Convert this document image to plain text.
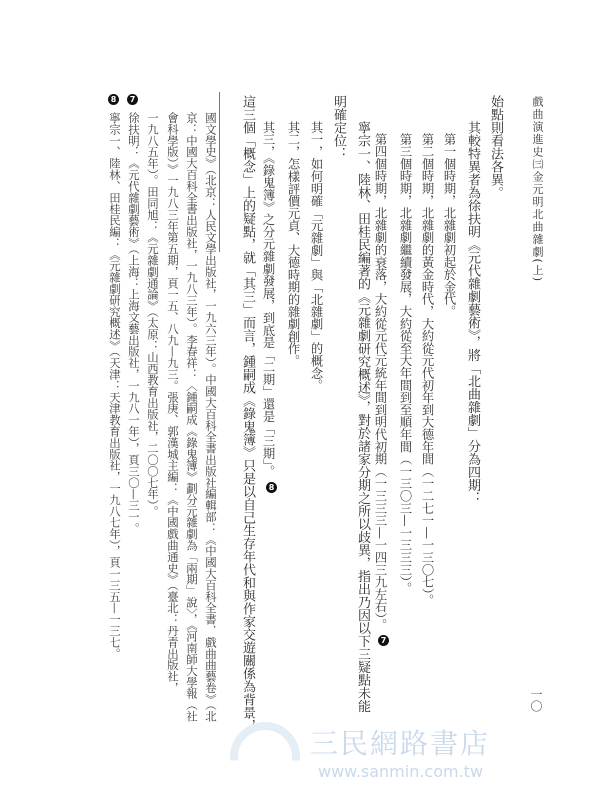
戲曲演進史㈢金元明北曲雜劇(上)
一〇
三民網路書店
www.sanmin.com.tw
始點則看法各異。
其較特異者為徐扶明《元代雜劇藝術》，將「北曲雜劇」分為四期：
第一個時期，北雜劇初起於金代。
第二個時期，北雜劇的黃金時代，大約從元代初年到大德年間（一二七一—一三〇七）。
第三個時期，北雜劇繼續發展，大約從至大年間到至順年間（一三〇三—一三三三）。
第四個時期，北雜劇的衰落，大約從元代元統年間到明代初期（一三三三—一四三九左右）。7
寧宗一、陸林、田桂民編著的《元雜劇研究概述》，對於諸家分期之所以歧異，指出乃因以下三疑點未能
明確定位：
其一，如何明確「元雜劇」與「北雜劇」的概念。
其二，怎樣評價元貞、大德時期的雜劇創作。
其三，《錄鬼簿》之分元雜劇發展，到底是「二期」還是「三期」。8
這三個「概念」上的疑點，就「其三」而言，鍾嗣成《錄鬼簿》只是以自己生存年代和與作家交遊關係為背景，
國文學史》（北京：人民文學出版社，一九六三年）。中國大百科全書出版社編輯部：《中國大百科全書．戲曲曲藝卷》（北
京：中國大百科全書出版社，一九八三年）。李春祥：〈鍾嗣成《錄鬼簿》劃分元雜劇為「兩期」說〉，《河南師大學報（社
會科學版）》一九八三年第五期，頁一五、八九—九三。張庚、郭漢城主編：《中國戲曲通史》（臺北：丹青出版社，
一九八五年）。田同旭：《元雜劇通論》（太原：山西教育出版社，二〇〇七年）。
7
徐扶明：《元代雜劇藝術》（上海：上海文藝出版社，一九八一年），頁三〇—三一。
8
寧宗一、陸林、田桂民編：《元雜劇研究概述》（天津：天津教育出版社，一九八七年），頁一三五—一三七。
